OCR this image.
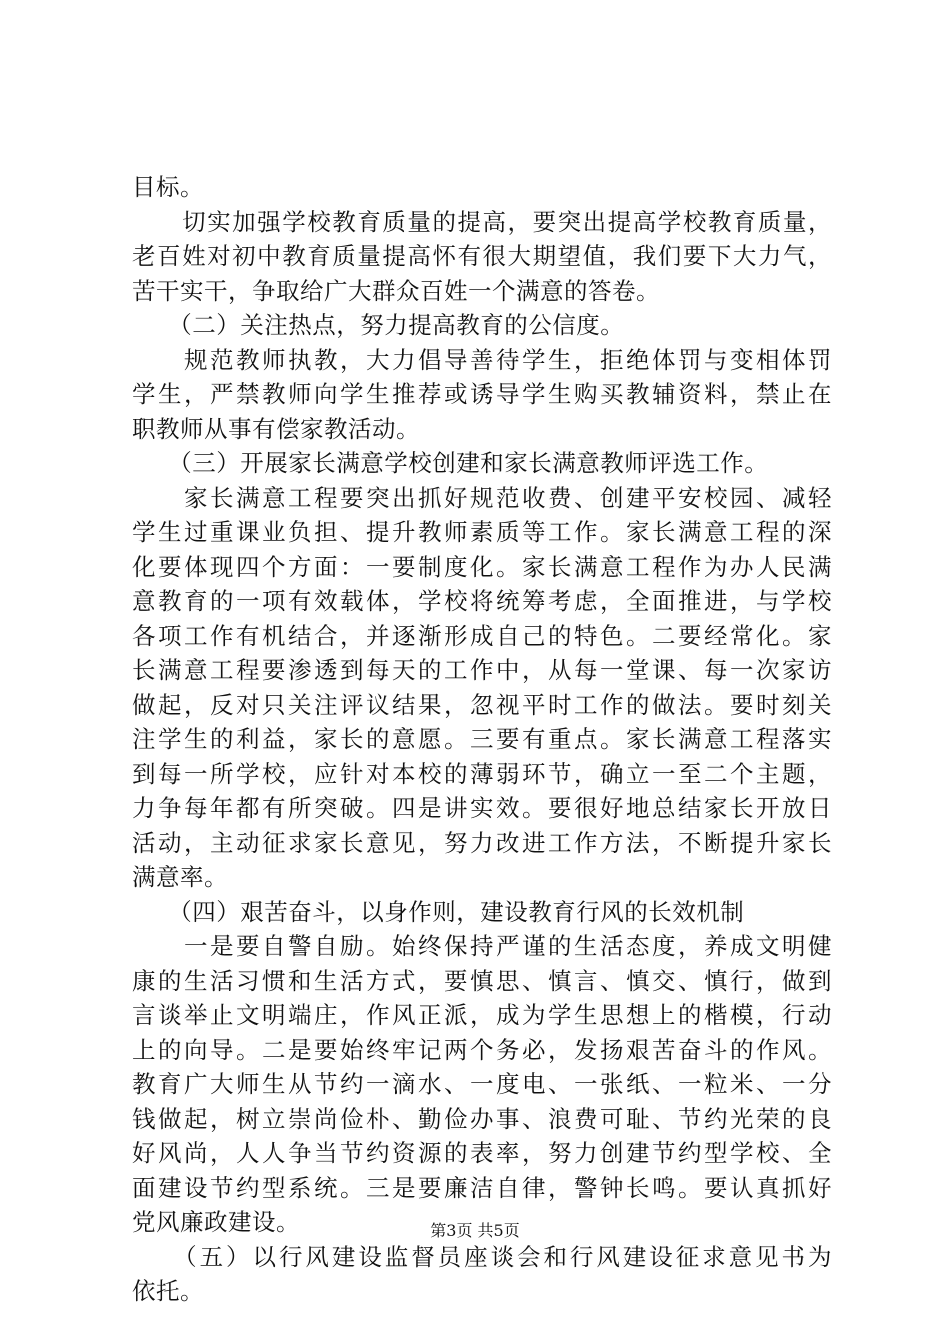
目标。
　　切实加强学校教育质量的提高，要突出提高学校教育质量，
老百姓对初中教育质量提高怀有很大期望值，我们要下大力气，
苦干实干，争取给广大群众百姓一个满意的答卷。
　　（二）关注热点，努力提高教育的公信度。
　　规范教师执教，大力倡导善待学生，拒绝体罚与变相体罚
学生，严禁教师向学生推荐或诱导学生购买教辅资料，禁止在
职教师从事有偿家教活动。
　　（三）开展家长满意学校创建和家长满意教师评选工作。
　　家长满意工程要突出抓好规范收费、创建平安校园、减轻
学生过重课业负担、提升教师素质等工作。家长满意工程的深
化要体现四个方面：一要制度化。家长满意工程作为办人民满
意教育的一项有效载体，学校将统筹考虑，全面推进，与学校
各项工作有机结合，并逐渐形成自己的特色。二要经常化。家
长满意工程要渗透到每天的工作中，从每一堂课、每一次家访
做起，反对只关注评议结果，忽视平时工作的做法。要时刻关
注学生的利益，家长的意愿。三要有重点。家长满意工程落实
到每一所学校，应针对本校的薄弱环节，确立一至二个主题，
力争每年都有所突破。四是讲实效。要很好地总结家长开放日
活动，主动征求家长意见，努力改进工作方法，不断提升家长
满意率。
　　（四）艰苦奋斗，以身作则，建设教育行风的长效机制
　　一是要自警自励。始终保持严谨的生活态度，养成文明健
康的生活习惯和生活方式，要慎思、慎言、慎交、慎行，做到
言谈举止文明端庄，作风正派，成为学生思想上的楷模，行动
上的向导。二是要始终牢记两个务必，发扬艰苦奋斗的作风。
教育广大师生从节约一滴水、一度电、一张纸、一粒米、一分
钱做起，树立崇尚俭朴、勤俭办事、浪费可耻、节约光荣的良
好风尚，人人争当节约资源的表率，努力创建节约型学校、全
面建设节约型系统。三是要廉洁自律，警钟长鸣。要认真抓好
党风廉政建设。
　　（五）以行风建设监督员座谈会和行风建设征求意见书为
依托。
第3页 共5页
